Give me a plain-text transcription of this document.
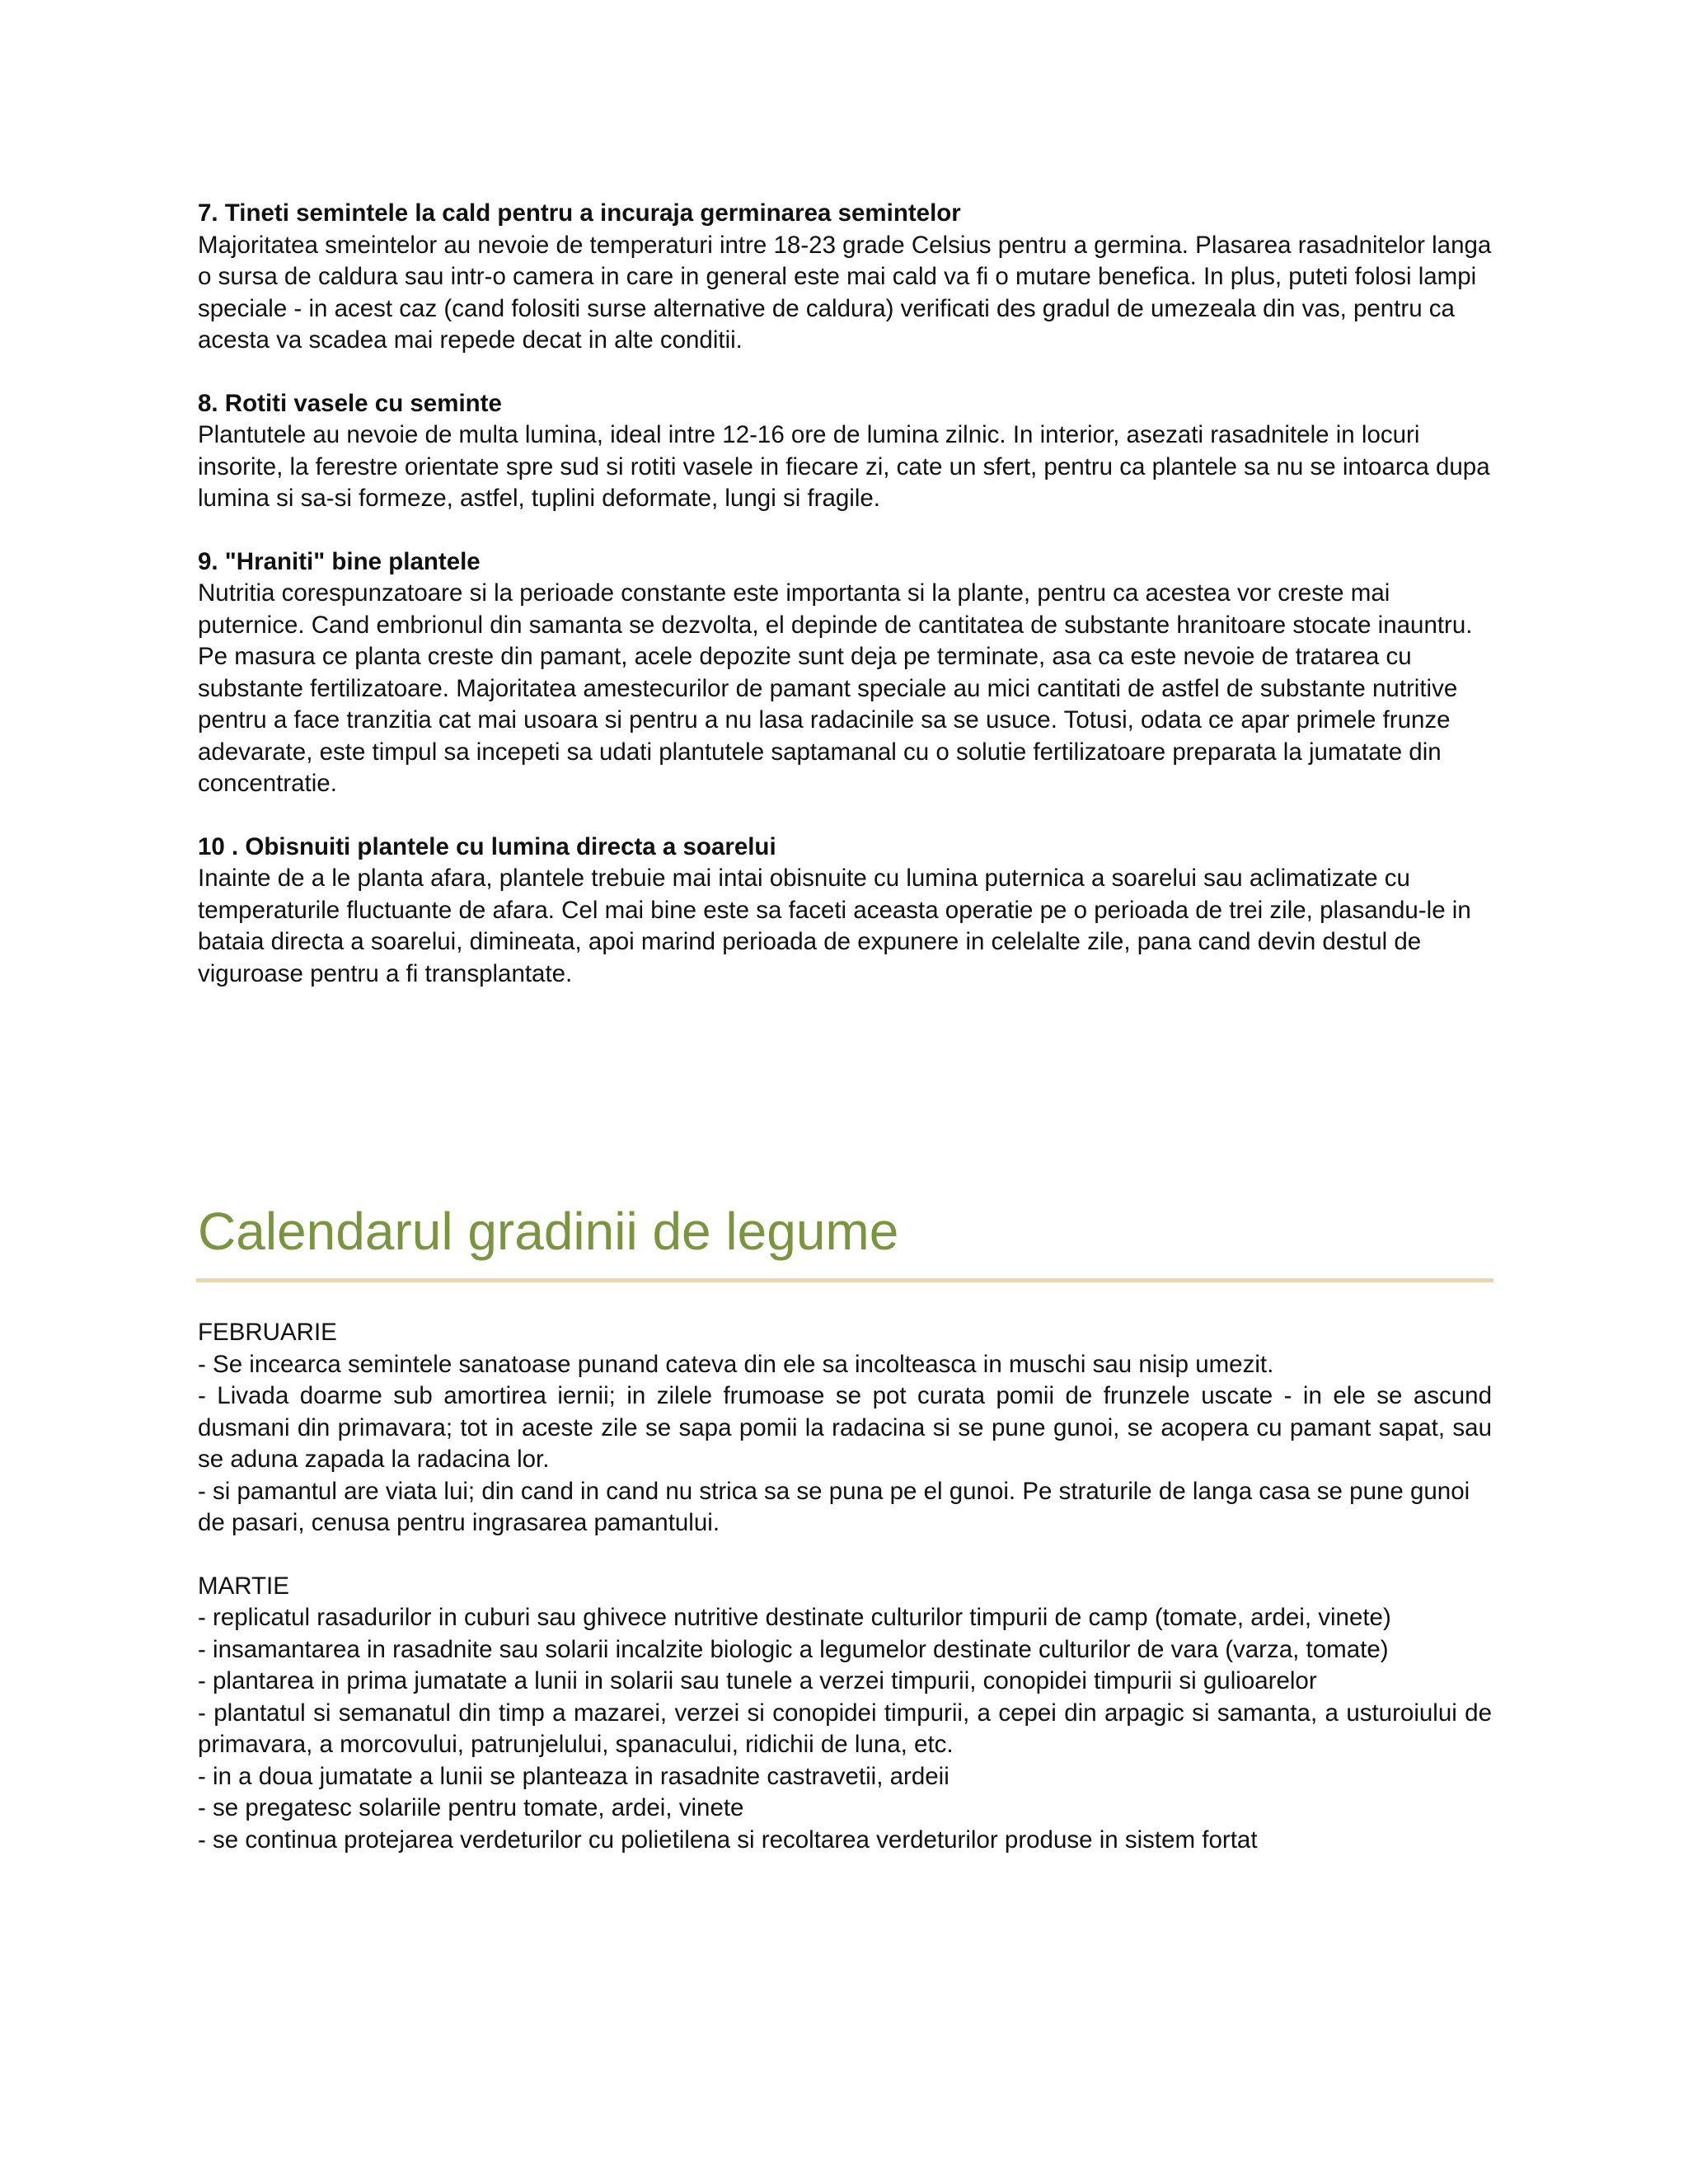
7. Tineti semintele la cald pentru a incuraja germinarea semintelor

Majoritatea smeintelor au nevoie de temperaturi intre 18-23 grade Celsius pentru a germina. Plasarea rasadnitelor langa o sursa de caldura sau intr-o camera in care in general este mai cald va fi o mutare benefica. In plus, puteti folosi lampi speciale - in acest caz (cand folositi surse alternative de caldura) verificati des gradul de umezeala din vas, pentru ca acesta va scadea mai repede decat in alte conditii.

8. Rotiti vasele cu seminte

Plantutele au nevoie de multa lumina, ideal intre 12-16 ore de lumina zilnic. In interior, asezati rasadnitele in locuri insorite, la ferestre orientate spre sud si rotiti vasele in fiecare zi, cate un sfert, pentru ca plantele sa nu se intoarca dupa lumina si sa-si formeze, astfel, tuplini deformate, lungi si fragile.

9. "Hraniti" bine plantele

Nutritia corespunzatoare si la perioade constante este importanta si la plante, pentru ca acestea vor creste mai puternice. Cand embrionul din samanta se dezvolta, el depinde de cantitatea de substante hranitoare stocate inauntru. Pe masura ce planta creste din pamant, acele depozite sunt deja pe terminate, asa ca este nevoie de tratarea cu substante fertilizatoare. Majoritatea amestecurilor de pamant speciale au mici cantitati de astfel de substante nutritive pentru a face tranzitia cat mai usoara si pentru a nu lasa radacinile sa se usuce. Totusi, odata ce apar primele frunze adevarate, este timpul sa incepeti sa udati plantutele saptamanal cu o solutie fertilizatoare preparata la jumatate din concentratie.

10 . Obisnuiti plantele cu lumina directa a soarelui

Inainte de a le planta afara, plantele trebuie mai intai obisnuite cu lumina puternica a soarelui sau aclimatizate cu temperaturile fluctuante de afara. Cel mai bine este sa faceti aceasta operatie pe o perioada de trei zile, plasandu-le in bataia directa a soarelui, dimineata, apoi marind perioada de expunere in celelalte zile, pana cand devin destul de viguroase pentru a fi transplantate.

Calendarul gradinii de legume

FEBRUARIE

- Se incearca semintele sanatoase punand cateva din ele sa incolteasca in muschi sau nisip umezit.

- Livada doarme sub amortirea iernii; in zilele frumoase se pot curata pomii de frunzele uscate - in ele se ascund dusmani din primavara; tot in aceste zile se sapa pomii la radacina si se pune gunoi, se acopera cu pamant sapat, sau se aduna zapada la radacina lor.

- si pamantul are viata lui; din cand in cand nu strica sa se puna pe el gunoi. Pe straturile de langa casa se pune gunoi de pasari, cenusa pentru ingrasarea pamantului.

MARTIE

- replicatul rasadurilor in cuburi sau ghivece nutritive destinate culturilor timpurii de camp (tomate, ardei, vinete)

- insamantarea in rasadnite sau solarii incalzite biologic a legumelor destinate culturilor de vara (varza, tomate)

- plantarea in prima jumatate a lunii in solarii sau tunele a verzei timpurii, conopidei timpurii si gulioarelor

- plantatul si semanatul din timp a mazarei, verzei si conopidei timpurii, a cepei din arpagic si samanta, a usturoiului de primavara, a morcovului, patrunjelului, spanacului, ridichii de luna, etc.

- in a doua jumatate a lunii se planteaza in rasadnite castravetii, ardeii

- se pregatesc solariile pentru tomate, ardei, vinete

- se continua protejarea verdeturilor cu polietilena si recoltarea verdeturilor produse in sistem fortat
